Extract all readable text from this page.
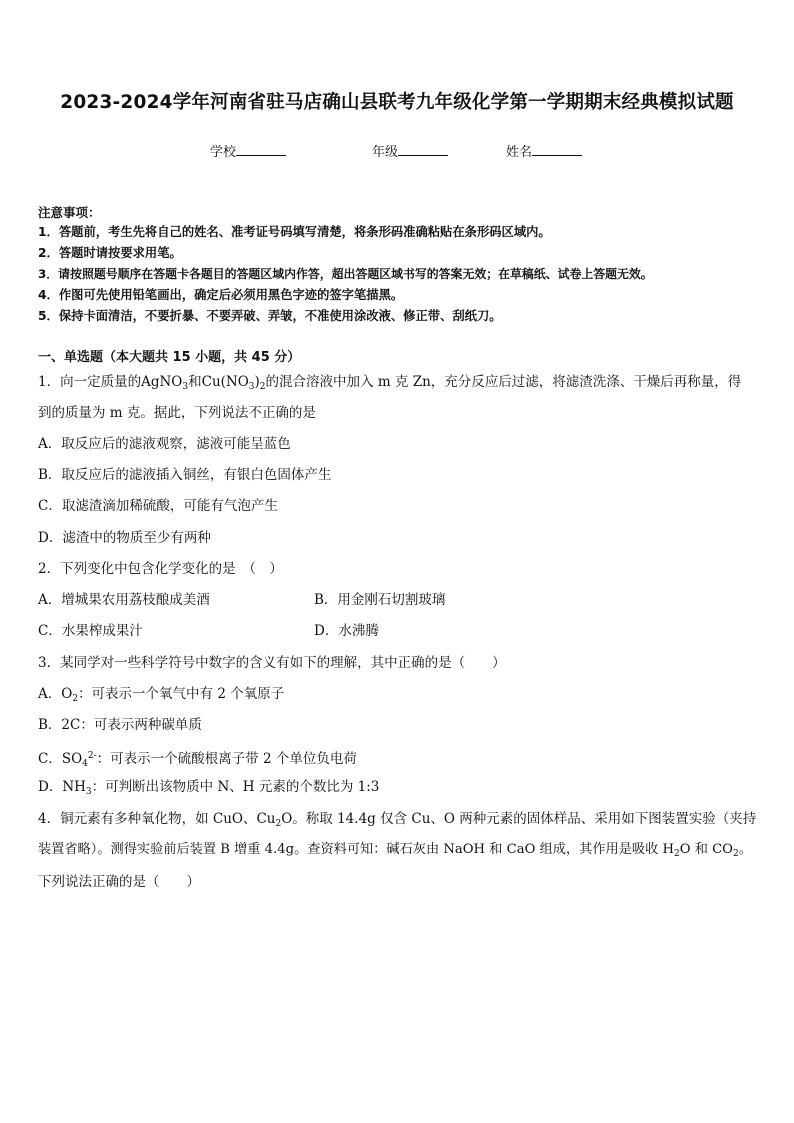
2023-2024学年河南省驻马店确山县联考九年级化学第一学期期末经典模拟试题
学校	年级	姓名
注意事项：
1．答题前，考生先将自己的姓名、准考证号码填写清楚，将条形码准确粘贴在条形码区域内。
2．答题时请按要求用笔。
3．请按照题号顺序在答题卡各题目的答题区域内作答，超出答题区域书写的答案无效；在草稿纸、试卷上答题无效。
4．作图可先使用铅笔画出，确定后必须用黑色字迹的签字笔描黑。
5．保持卡面清洁，不要折暴、不要弄破、弄皱，不准使用涂改液、修正带、刮纸刀。
一、单选题（本大题共 15 小题，共 45 分）
1．向一定质量的AgNO$_3$和$Cu(NO_3)_2$的混合溶液中加入 m 克 Zn，充分反应后过滤，将滤渣洗涤、干燥后再称量，得
到的质量为 m 克。据此，下列说法不正确的是
A．取反应后的滤液观察，滤液可能呈蓝色
B．取反应后的滤液插入铜丝，有银白色固体产生
C．取滤渣滴加稀硫酸，可能有气泡产生
D．滤渣中的物质至少有两种
2．下列变化中包含化学变化的是　（　）
A．增城果农用荔枝酿成美酒	B．用金刚石切割玻璃
C．水果榨成果汁	D．水沸腾
3．某同学对一些科学符号中数字的含义有如下的理解，其中正确的是（　　）
A．$O_2$：可表示一个氧气中有 2 个氧原子
B．2C：可表示两种碳单质
C．$SO_4^{2-}$：可表示一个硫酸根离子带 2 个单位负电荷
D．$NH_3$：可判断出该物质中 N、H 元素的个数比为 1:3
4．铜元素有多种氧化物，如 CuO、$Cu_2O$。称取 14.4g 仅含 Cu、O 两种元素的固体样品、采用如下图装置实验（夹持
装置省略）。测得实验前后装置 B 增重 4.4g。查资料可知：碱石灰由 NaOH 和 CaO 组成，其作用是吸收 $H_2O$ 和 $CO_2$。
下列说法正确的是（　　）
